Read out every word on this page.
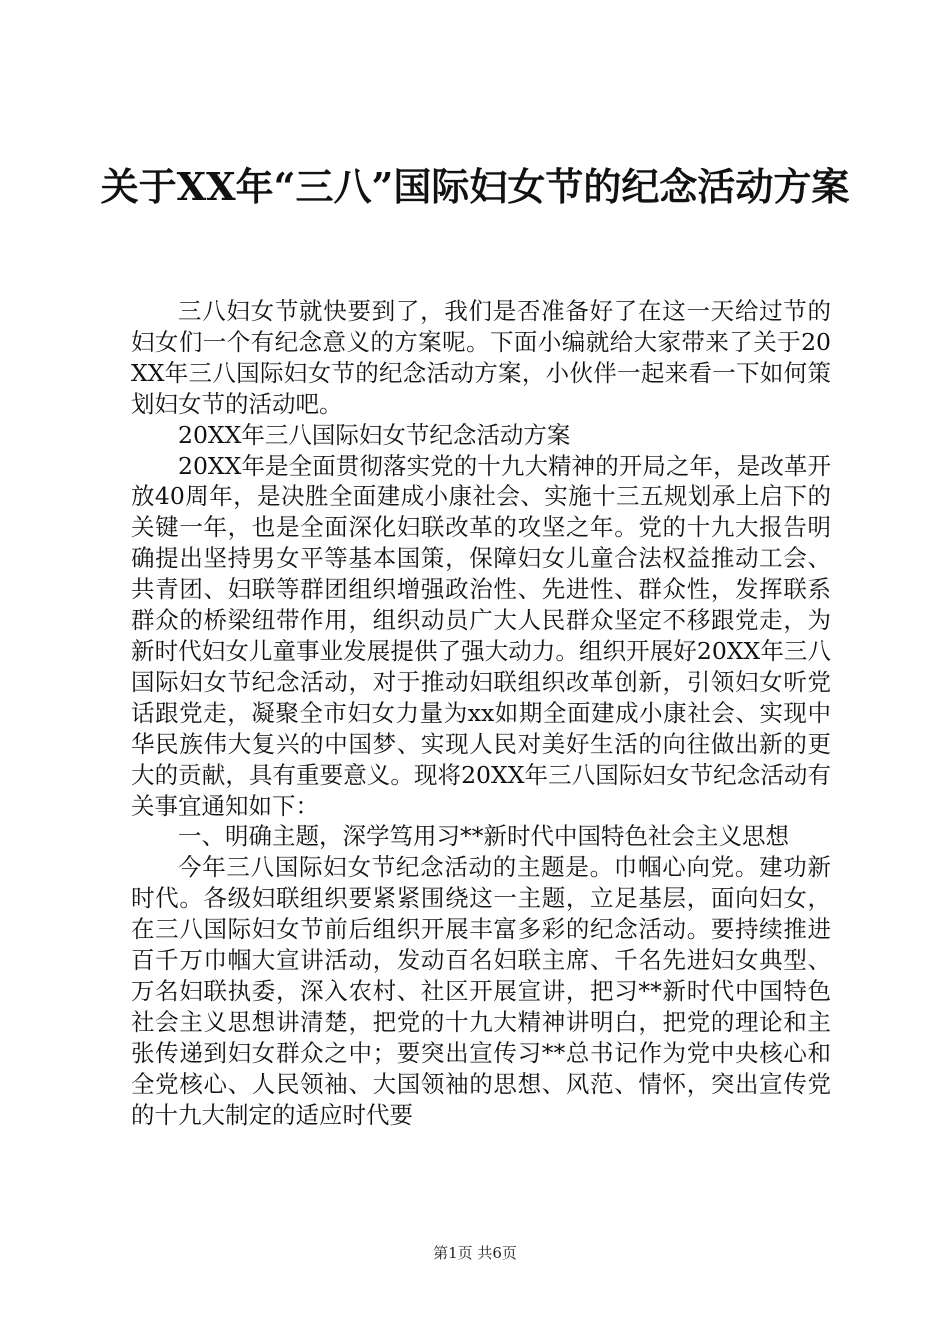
关于XX年“三八”国际妇女节的纪念活动方案

三八妇女节就快要到了，我们是否准备好了在这一天给过节的妇女们一个有纪念意义的方案呢。下面小编就给大家带来了关于20XX年三八国际妇女节的纪念活动方案，小伙伴一起来看一下如何策划妇女节的活动吧。

20XX年三八国际妇女节纪念活动方案

20XX年是全面贯彻落实党的十九大精神的开局之年，是改革开放40周年，是决胜全面建成小康社会、实施十三五规划承上启下的关键一年，也是全面深化妇联改革的攻坚之年。党的十九大报告明确提出坚持男女平等基本国策，保障妇女儿童合法权益推动工会、共青团、妇联等群团组织增强政治性、先进性、群众性，发挥联系群众的桥梁纽带作用，组织动员广大人民群众坚定不移跟党走，为新时代妇女儿童事业发展提供了强大动力。组织开展好20XX年三八国际妇女节纪念活动，对于推动妇联组织改革创新，引领妇女听党话跟党走，凝聚全市妇女力量为xx如期全面建成小康社会、实现中华民族伟大复兴的中国梦、实现人民对美好生活的向往做出新的更大的贡献，具有重要意义。现将20XX年三八国际妇女节纪念活动有关事宜通知如下：

一、明确主题，深学笃用习**新时代中国特色社会主义思想

今年三八国际妇女节纪念活动的主题是。巾帼心向党。建功新时代。各级妇联组织要紧紧围绕这一主题，立足基层，面向妇女，在三八国际妇女节前后组织开展丰富多彩的纪念活动。要持续推进百千万巾帼大宣讲活动，发动百名妇联主席、千名先进妇女典型、万名妇联执委，深入农村、社区开展宣讲，把习**新时代中国特色社会主义思想讲清楚，把党的十九大精神讲明白，把党的理论和主张传递到妇女群众之中；要突出宣传习**总书记作为党中央核心和全党核心、人民领袖、大国领袖的思想、风范、情怀，突出宣传党的十九大制定的适应时代要

第1页 共6页
